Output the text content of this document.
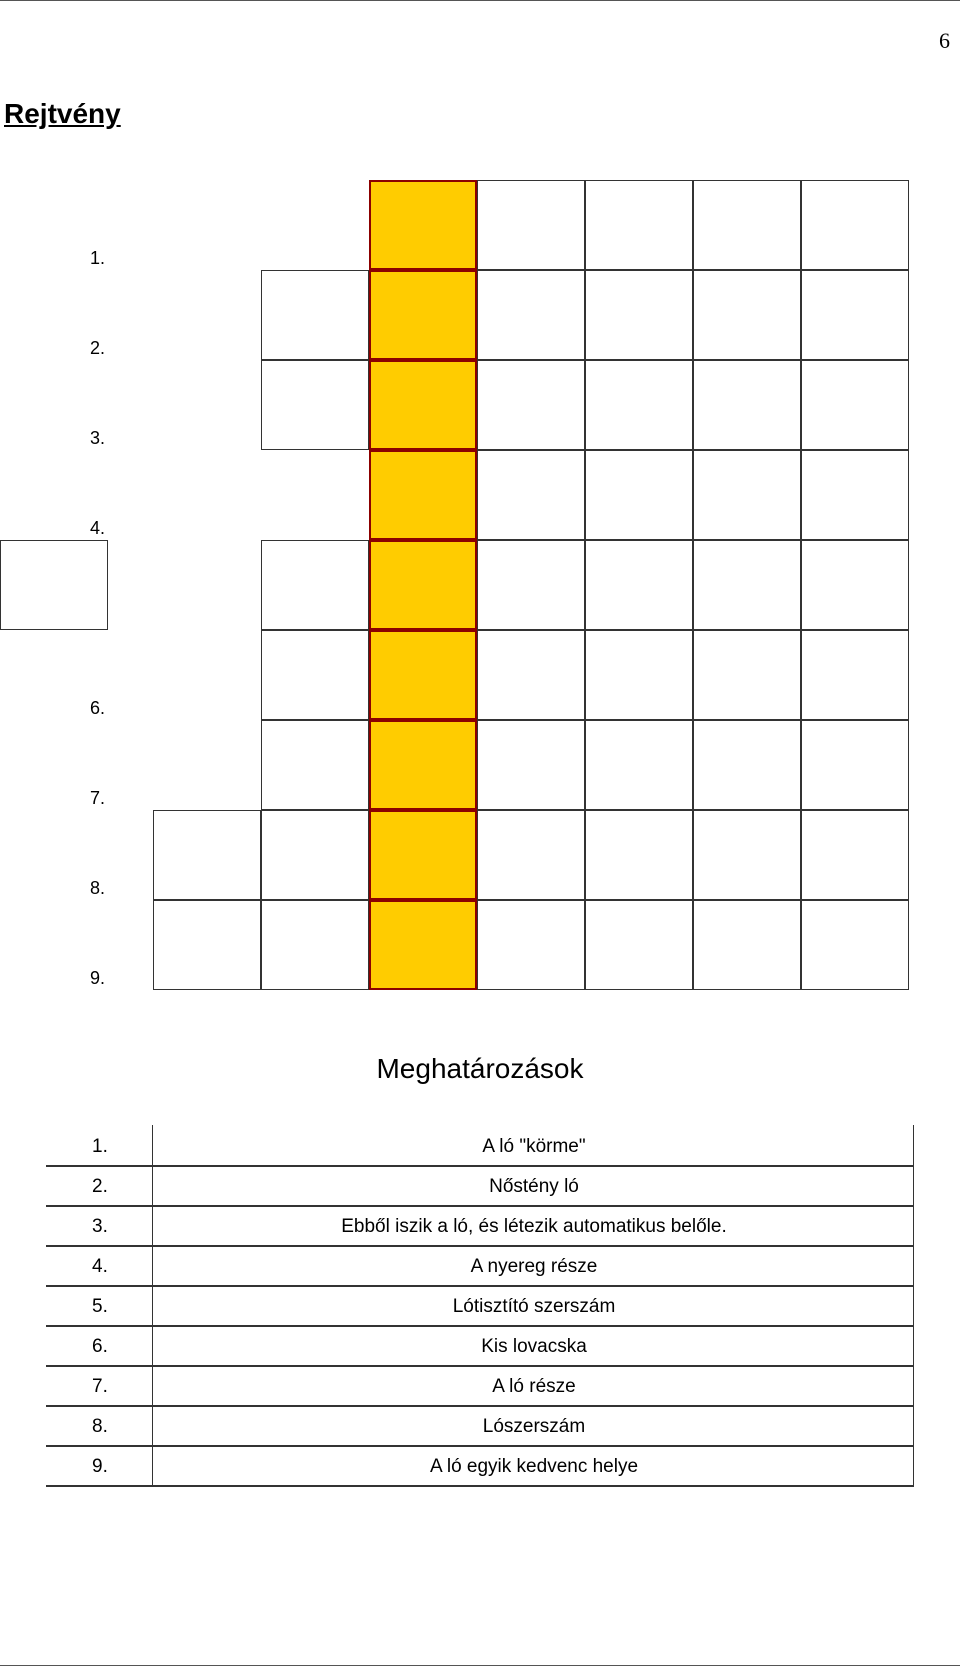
6
Rejtvény
1.
2.
3.
4.
6.
7.
8.
9.
Meghatározások
1.	A ló "körme"
2.	Nőstény ló
3.	Ebből iszik a ló, és létezik automatikus belőle.
4.	A nyereg része
5.	Lótisztító szerszám
6.	Kis lovacska
7.	A ló része
8.	Lószerszám
9.	A ló egyik kedvenc helye
